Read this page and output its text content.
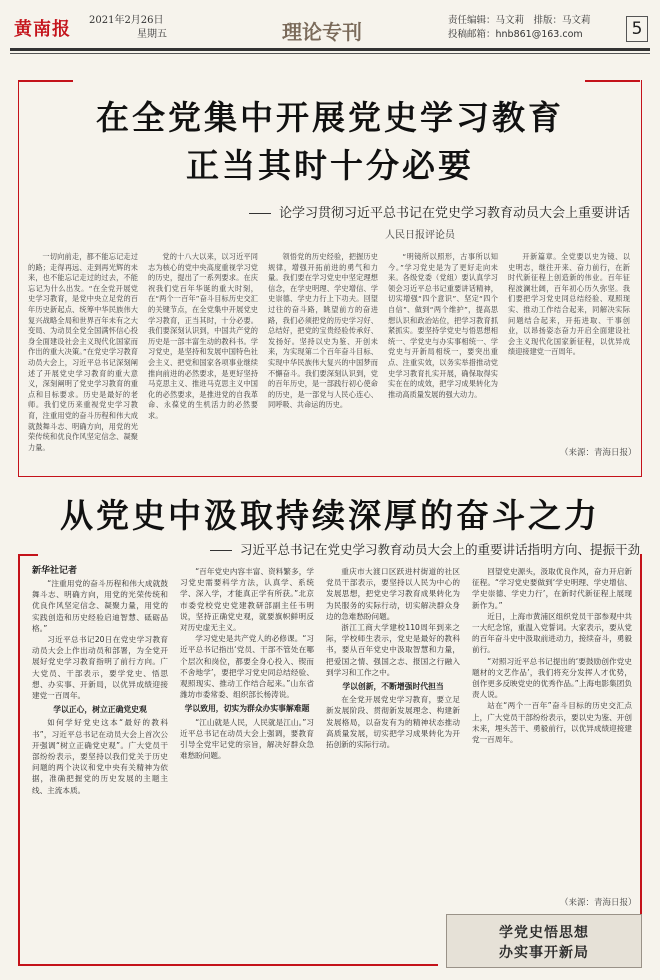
黄南报 2021年2月26日
星期五	理论专刊	责任编辑：马文莉　排版：马文莉
投稿邮箱：hnb861@163.com	5
在全党集中开展党史学习教育
正当其时十分必要
论学习贯彻习近平总书记在党史学习教育动员大会上重要讲话
人民日报评论员

一切向前走，都不能忘记走过的路；走得再远、走到再光辉的未来，也不能忘记走过的过去，不能忘记为什么出发。“在全党开展党史学习教育，是党中央立足党的百年历史新起点、统筹中华民族伟大复兴战略全局和世界百年未有之大变局、为动员全党全国满怀信心投身全面建设社会主义现代化国家而作出的重大决策。”在党史学习教育动员大会上，习近平总书记深刻阐述了开展党史学习教育的重大意义，深刻阐明了党史学习教育的重点和目标要求。历史是最好的老师。我们党历来重视党史学习教育，注重用党的奋斗历程和伟大成就鼓舞斗志、明确方向，用党的光荣传统和优良作风坚定信念、凝聚力量。

党的十八大以来，以习近平同志为核心的党中央高度重视学习党的历史，提出了一系列要求。在庆祝我们党百年华诞的重大时刻，在“两个一百年”奋斗目标历史交汇的关键节点，在全党集中开展党史学习教育，正当其时，十分必要。我们要深刻认识到，中国共产党的历史是一部丰富生动的教科书。学习党史，是坚持和发展中国特色社会主义、把党和国家各项事业继续推向前进的必然要求，是更好坚持马克思主义、推进马克思主义中国化的必然要求，是推进党的自我革命、永葆党的生机活力的必然要求。

领悟党的历史经验，把握历史规律，增强开拓前进的勇气和力量。我们要在学习党史中坚定理想信念，在学史明理、学史增信、学史崇德、学史力行上下功夫。回望过往的奋斗路，眺望前方的奋进路，我们必须把党的历史学习好、总结好，把党的宝贵经验传承好、发扬好。坚持以史为鉴、开创未来，为实现第二个百年奋斗目标、实现中华民族伟大复兴的中国梦而不懈奋斗。我们要深刻认识到，党的百年历史，是一部践行初心使命的历史，是一部党与人民心连心、同呼吸、共命运的历史。

“明镜所以照形，古事所以知今。”学习党史是为了更好走向未来。各级党委（党组）要认真学习领会习近平总书记重要讲话精神，切实增强“四个意识”、坚定“四个自信”、做到“两个维护”，提高思想认识和政治站位，把学习教育抓紧抓实。要坚持学党史与悟思想相统一、学党史与办实事相统一、学党史与开新局相统一，要突出重点、注重实效，以务实举措推动党史学习教育扎实开展，确保取得实实在在的成效，把学习成果转化为推动高质量发展的强大动力。

开新篇章。全党要以史为镜、以史明志，继往开来、奋力前行，在新时代新征程上创造新的伟业。百年征程波澜壮阔，百年初心历久弥坚。我们要把学习党史同总结经验、观照现实、推动工作结合起来，同解决实际问题结合起来，开拓进取、干事创业，以昂扬姿态奋力开启全面建设社会主义现代化国家新征程，以优异成绩迎接建党一百周年。

（来源：青海日报）
从党史中汲取持续深厚的奋斗之力
习近平总书记在党史学习教育动员大会上的重要讲话指明方向、提振干劲
新华社记者

“注重用党的奋斗历程和伟大成就鼓舞斗志、明确方向，用党的光荣传统和优良作风坚定信念、凝聚力量，用党的实践创造和历史经验启迪智慧、砥砺品格。”

习近平总书记20日在党史学习教育动员大会上作出动员和部署，为全党开展好党史学习教育指明了前行方向。广大党员、干部表示，要学党史、悟思想、办实事、开新局，以优异成绩迎接建党一百周年。

学以正心，树立正确党史观

如何学好党史这本“最好的教科书”，习近平总书记在动员大会上首次公开强调“树立正确党史观”。广大党员干部纷纷表示，要坚持以我们党关于历史问题的两个决议和党中央有关精神为依据，准确把握党的历史发展的主题主线、主流本质。

“百年党史内容丰富、资料繁多，学习党史需要科学方法，认真学、系统学、深入学，才能真正学有所获。”北京市委党校党史党建教研部副主任韦明说，坚持正确党史观，就要旗帜鲜明反对历史虚无主义。

学习党史是共产党人的必修课。“习近平总书记指出‘党员、干部不管处在哪个层次和岗位，都要全身心投入、锲而不舍地学’，要把学习党史同总结经验、观照现实、推动工作结合起来。”山东省潍坊市委常委、组织部长杨涛说。

学以致用，切实为群众办实事解难题

“江山就是人民，人民就是江山。”习近平总书记在动员大会上强调，要教育引导全党牢记党的宗旨，解决好群众急难愁盼问题。

重庆市大渡口区跃进村街道的社区党员干部表示，要坚持以人民为中心的发展思想，把党史学习教育成果转化为为民服务的实际行动，切实解决群众身边的急难愁盼问题。

浙江工商大学建校110周年到来之际，学校师生表示，党史是最好的教科书，要从百年党史中汲取智慧和力量，把爱国之情、强国之志、报国之行融入到学习和工作之中。

学以创新，不断增强时代担当

在全党开展党史学习教育，要立足新发展阶段、贯彻新发展理念、构建新发展格局，以奋发有为的精神状态推动高质量发展，切实把学习成果转化为开拓创新的实际行动。

回望党史源头，汲取优良作风，奋力开启新征程。“学习党史要做到‘学史明理、学史增信、学史崇德、学史力行’，在新时代新征程上展现新作为。”

近日，上海市黄浦区组织党员干部参观中共一大纪念馆，重温入党誓词。大家表示，要从党的百年奋斗史中汲取前进动力，接续奋斗，勇毅前行。

“对照习近平总书记提出的‘要鼓励创作党史题材的文艺作品’，我们将充分发挥人才优势，创作更多反映党史的优秀作品。”上海电影集团负责人说。

站在“两个一百年”奋斗目标的历史交汇点上，广大党员干部纷纷表示，要以史为鉴、开创未来，埋头苦干、勇毅前行，以优异成绩迎接建党一百周年。

（来源：青海日报）
学党史悟思想
办实事开新局
